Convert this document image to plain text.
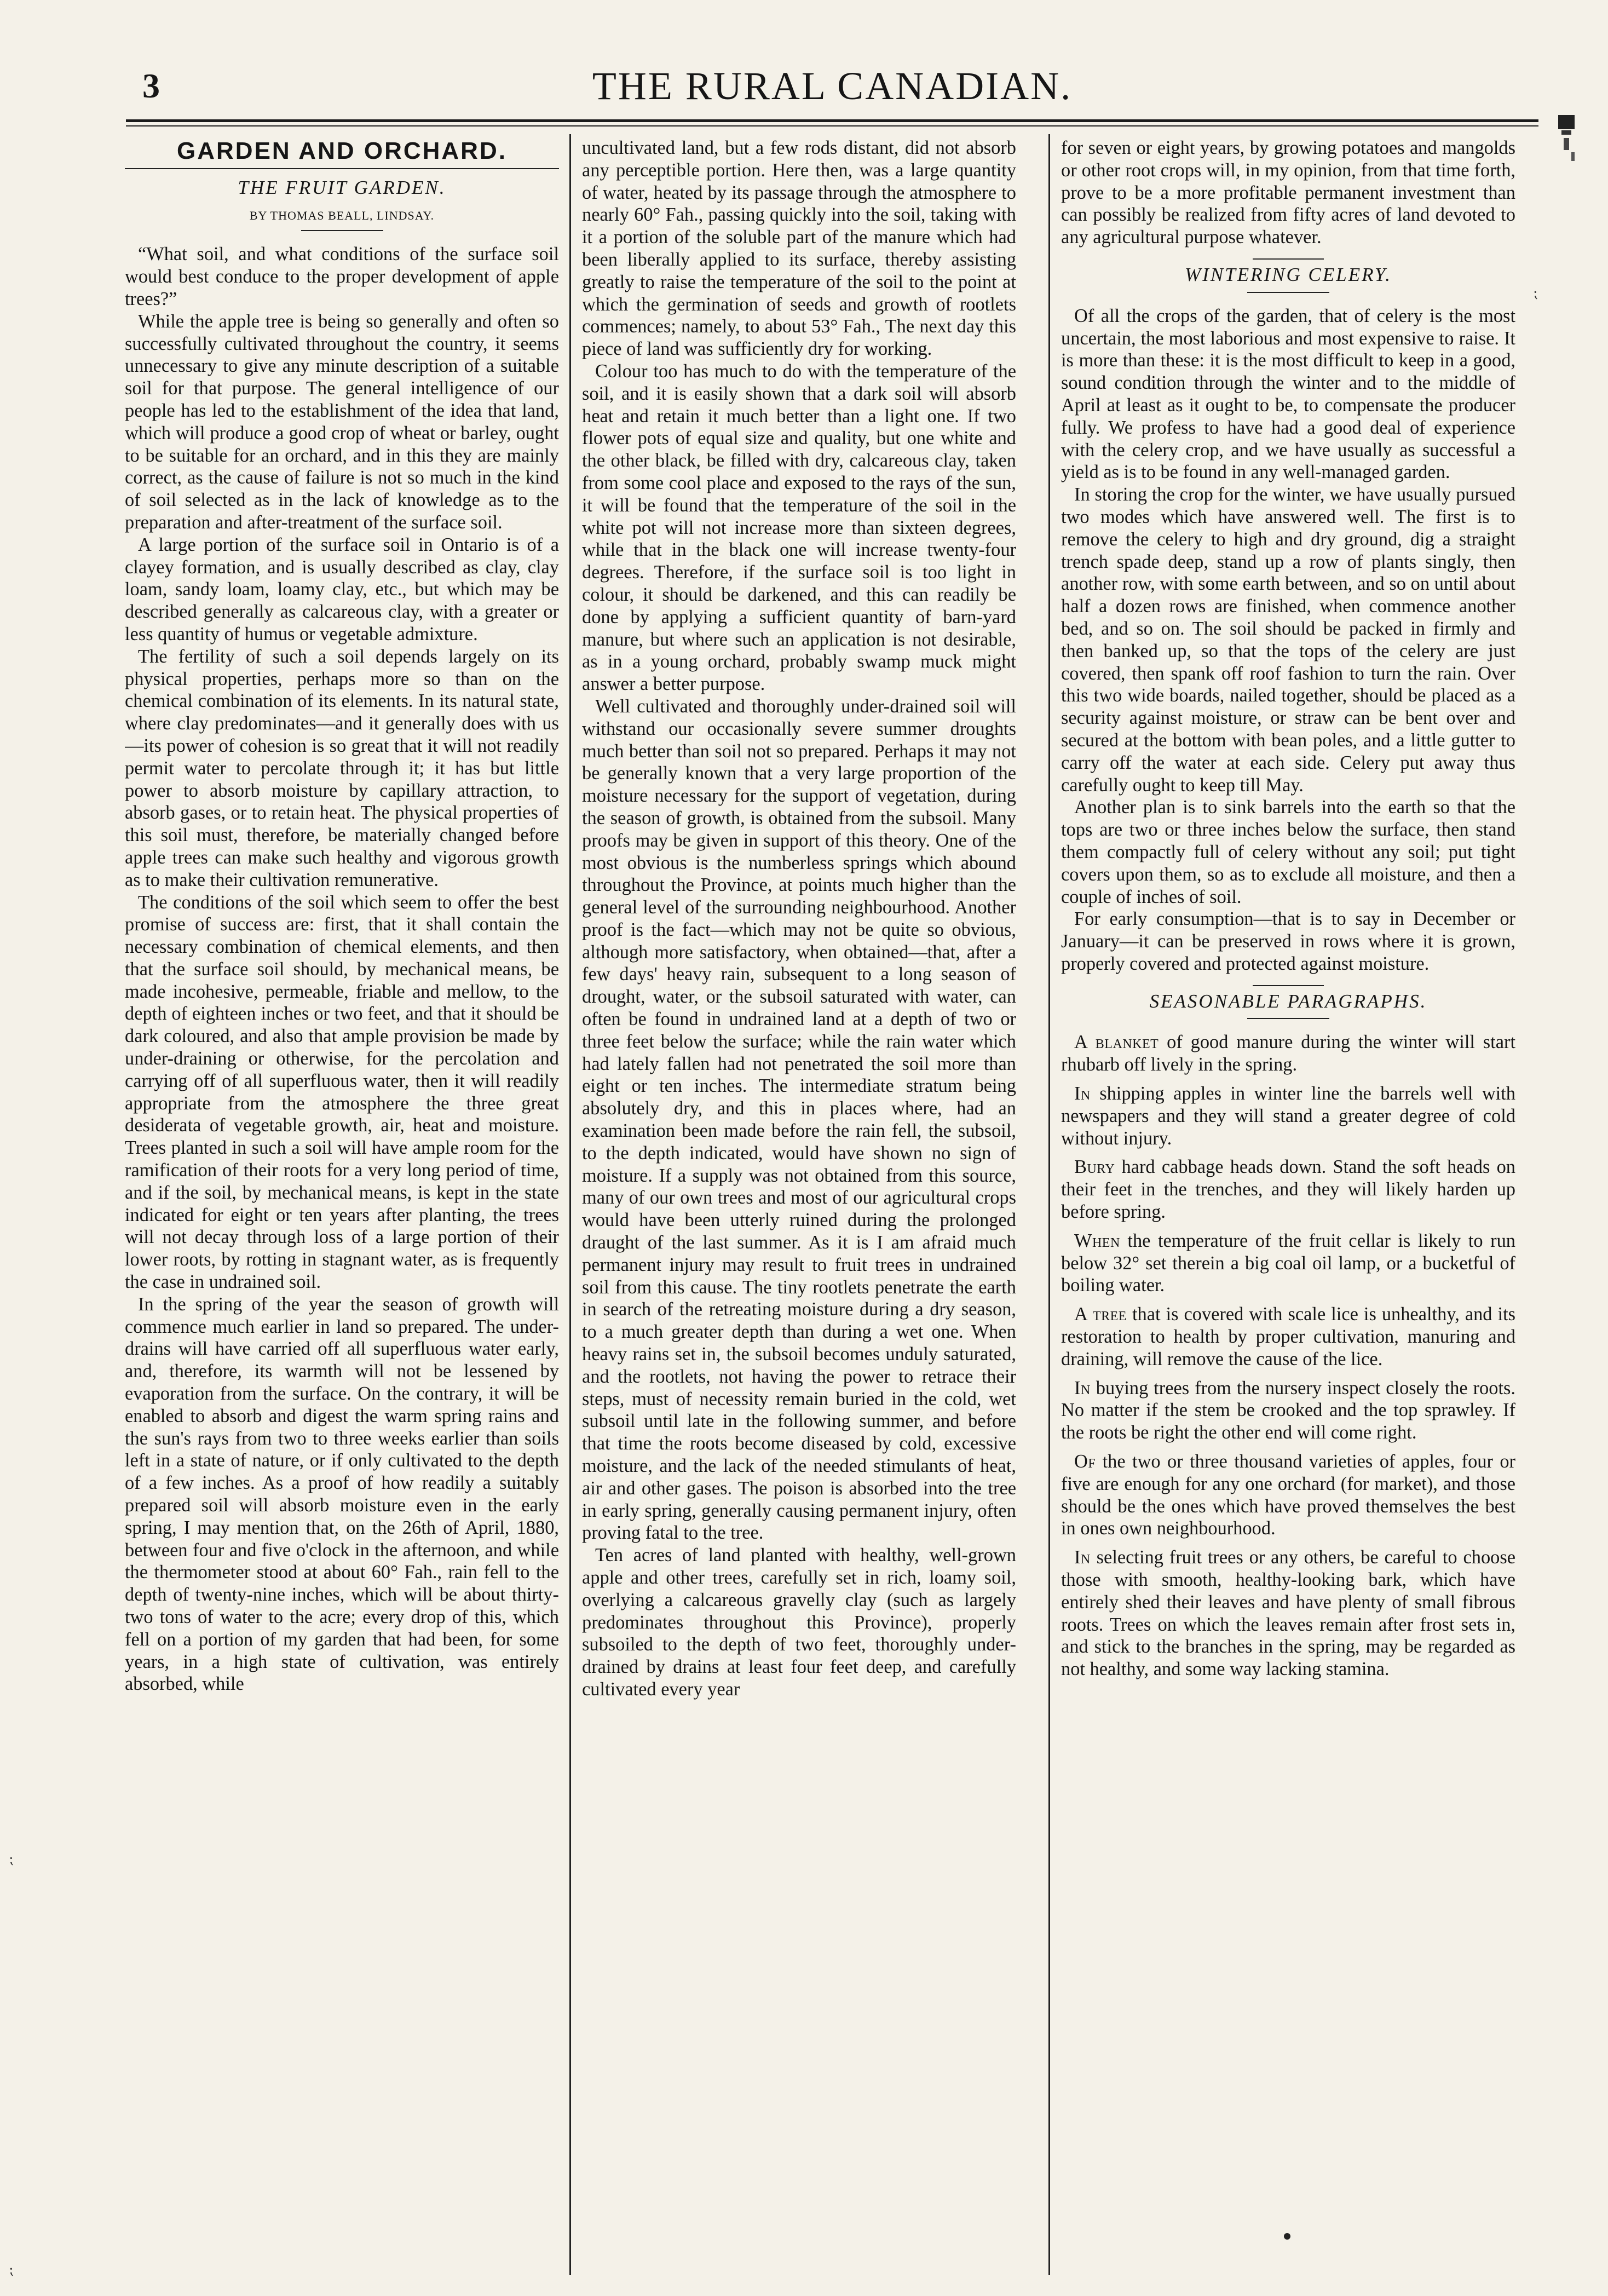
3	THE RURAL CANADIAN.
GARDEN AND ORCHARD.
THE FRUIT GARDEN.
BY THOMAS BEALL, LINDSAY.

“What soil, and what conditions of the surface soil would best conduce to the proper development of apple trees?”

While the apple tree is being so generally and often so successfully cultivated throughout the country, it seems unnecessary to give any minute description of a suitable soil for that purpose. The general intelligence of our people has led to the establishment of the idea that land, which will produce a good crop of wheat or barley, ought to be suitable for an orchard, and in this they are mainly correct, as the cause of failure is not so much in the kind of soil selected as in the lack of knowledge as to the preparation and after-treatment of the surface soil.

A large portion of the surface soil in Ontario is of a clayey formation, and is usually described as clay, clay loam, sandy loam, loamy clay, etc., but which may be described generally as calcareous clay, with a greater or less quantity of humus or vegetable admixture.

The fertility of such a soil depends largely on its physical properties, perhaps more so than on the chemical combination of its elements. In its natural state, where clay predominates—and it generally does with us—its power of cohesion is so great that it will not readily permit water to percolate through it; it has but little power to absorb moisture by capillary attraction, to absorb gases, or to retain heat. The physical properties of this soil must, therefore, be materially changed before apple trees can make such healthy and vigorous growth as to make their cultivation remunerative.

The conditions of the soil which seem to offer the best promise of success are: first, that it shall contain the necessary combination of chemical elements, and then that the surface soil should, by mechanical means, be made incohesive, permeable, friable and mellow, to the depth of eighteen inches or two feet, and that it should be dark coloured, and also that ample provision be made by under-draining or otherwise, for the percolation and carrying off of all superfluous water, then it will readily appropriate from the atmosphere the three great desiderata of vegetable growth, air, heat and moisture. Trees planted in such a soil will have ample room for the ramification of their roots for a very long period of time, and if the soil, by mechanical means, is kept in the state indicated for eight or ten years after planting, the trees will not decay through loss of a large portion of their lower roots, by rotting in stagnant water, as is frequently the case in undrained soil.

In the spring of the year the season of growth will commence much earlier in land so prepared. The under-drains will have carried off all superfluous water early, and, therefore, its warmth will not be lessened by evaporation from the surface. On the contrary, it will be enabled to absorb and digest the warm spring rains and the sun's rays from two to three weeks earlier than soils left in a state of nature, or if only cultivated to the depth of a few inches. As a proof of how readily a suitably prepared soil will absorb moisture even in the early spring, I may mention that, on the 26th of April, 1880, between four and five o'clock in the afternoon, and while the thermometer stood at about 60° Fah., rain fell to the depth of twenty-nine inches, which will be about thirty-two tons of water to the acre; every drop of this, which fell on a portion of my garden that had been, for some years, in a high state of cultivation, was entirely absorbed, while

uncultivated land, but a few rods distant, did not absorb any perceptible portion. Here then, was a large quantity of water, heated by its passage through the atmosphere to nearly 60° Fah., passing quickly into the soil, taking with it a portion of the soluble part of the manure which had been liberally applied to its surface, thereby assisting greatly to raise the temperature of the soil to the point at which the germination of seeds and growth of rootlets commences; namely, to about 53° Fah., The next day this piece of land was sufficiently dry for working.

Colour too has much to do with the temperature of the soil, and it is easily shown that a dark soil will absorb heat and retain it much better than a light one. If two flower pots of equal size and quality, but one white and the other black, be filled with dry, calcareous clay, taken from some cool place and exposed to the rays of the sun, it will be found that the temperature of the soil in the white pot will not increase more than sixteen degrees, while that in the black one will increase twenty-four degrees. Therefore, if the surface soil is too light in colour, it should be darkened, and this can readily be done by applying a sufficient quantity of barn-yard manure, but where such an application is not desirable, as in a young orchard, probably swamp muck might answer a better purpose.

Well cultivated and thoroughly under-drained soil will withstand our occasionally severe summer droughts much better than soil not so prepared. Perhaps it may not be generally known that a very large proportion of the moisture necessary for the support of vegetation, during the season of growth, is obtained from the subsoil. Many proofs may be given in support of this theory. One of the most obvious is the numberless springs which abound throughout the Province, at points much higher than the general level of the surrounding neighbourhood. Another proof is the fact—which may not be quite so obvious, although more satisfactory, when obtained—that, after a few days' heavy rain, subsequent to a long season of drought, water, or the subsoil saturated with water, can often be found in undrained land at a depth of two or three feet below the surface; while the rain water which had lately fallen had not penetrated the soil more than eight or ten inches. The intermediate stratum being absolutely dry, and this in places where, had an examination been made before the rain fell, the subsoil, to the depth indicated, would have shown no sign of moisture. If a supply was not obtained from this source, many of our own trees and most of our agricultural crops would have been utterly ruined during the prolonged draught of the last summer. As it is I am afraid much permanent injury may result to fruit trees in undrained soil from this cause. The tiny rootlets penetrate the earth in search of the retreating moisture during a dry season, to a much greater depth than during a wet one. When heavy rains set in, the subsoil becomes unduly saturated, and the rootlets, not having the power to retrace their steps, must of necessity remain buried in the cold, wet subsoil until late in the following summer, and before that time the roots become diseased by cold, excessive moisture, and the lack of the needed stimulants of heat, air and other gases. The poison is absorbed into the tree in early spring, generally causing permanent injury, often proving fatal to the tree.

Ten acres of land planted with healthy, well-grown apple and other trees, carefully set in rich, loamy soil, overlying a calcareous gravelly clay (such as largely predominates throughout this Province), properly subsoiled to the depth of two feet, thoroughly under-drained by drains at least four feet deep, and carefully cultivated every year

for seven or eight years, by growing potatoes and mangolds or other root crops will, in my opinion, from that time forth, prove to be a more profitable permanent investment than can possibly be realized from fifty acres of land devoted to any agricultural purpose whatever.

WINTERING CELERY.

Of all the crops of the garden, that of celery is the most uncertain, the most laborious and most expensive to raise. It is more than these: it is the most difficult to keep in a good, sound condition through the winter and to the middle of April at least as it ought to be, to compensate the producer fully. We profess to have had a good deal of experience with the celery crop, and we have usually as successful a yield as is to be found in any well-managed garden.

In storing the crop for the winter, we have usually pursued two modes which have answered well. The first is to remove the celery to high and dry ground, dig a straight trench spade deep, stand up a row of plants singly, then another row, with some earth between, and so on until about half a dozen rows are finished, when commence another bed, and so on. The soil should be packed in firmly and then banked up, so that the tops of the celery are just covered, then spank off roof fashion to turn the rain. Over this two wide boards, nailed together, should be placed as a security against moisture, or straw can be bent over and secured at the bottom with bean poles, and a little gutter to carry off the water at each side. Celery put away thus carefully ought to keep till May.

Another plan is to sink barrels into the earth so that the tops are two or three inches below the surface, then stand them compactly full of celery without any soil; put tight covers upon them, so as to exclude all moisture, and then a couple of inches of soil.

For early consumption—that is to say in December or January—it can be preserved in rows where it is grown, properly covered and protected against moisture.

SEASONABLE PARAGRAPHS.

A blanket of good manure during the winter will start rhubarb off lively in the spring.

In shipping apples in winter line the barrels well with newspapers and they will stand a greater degree of cold without injury.

Bury hard cabbage heads down. Stand the soft heads on their feet in the trenches, and they will likely harden up before spring.

When the temperature of the fruit cellar is likely to run below 32° set therein a big coal oil lamp, or a bucketful of boiling water.

A tree that is covered with scale lice is unhealthy, and its restoration to health by proper cultivation, manuring and draining, will remove the cause of the lice.

In buying trees from the nursery inspect closely the roots. No matter if the stem be crooked and the top sprawley. If the roots be right the other end will come right.

Of the two or three thousand varieties of apples, four or five are enough for any one orchard (for market), and those should be the ones which have proved themselves the best in ones own neighbourhood.

In selecting fruit trees or any others, be careful to choose those with smooth, healthy-looking bark, which have entirely shed their leaves and have plenty of small fibrous roots. Trees on which the leaves remain after frost sets in, and stick to the branches in the spring, may be regarded as not healthy, and some way lacking stamina.

⁏
⁏
⁏
